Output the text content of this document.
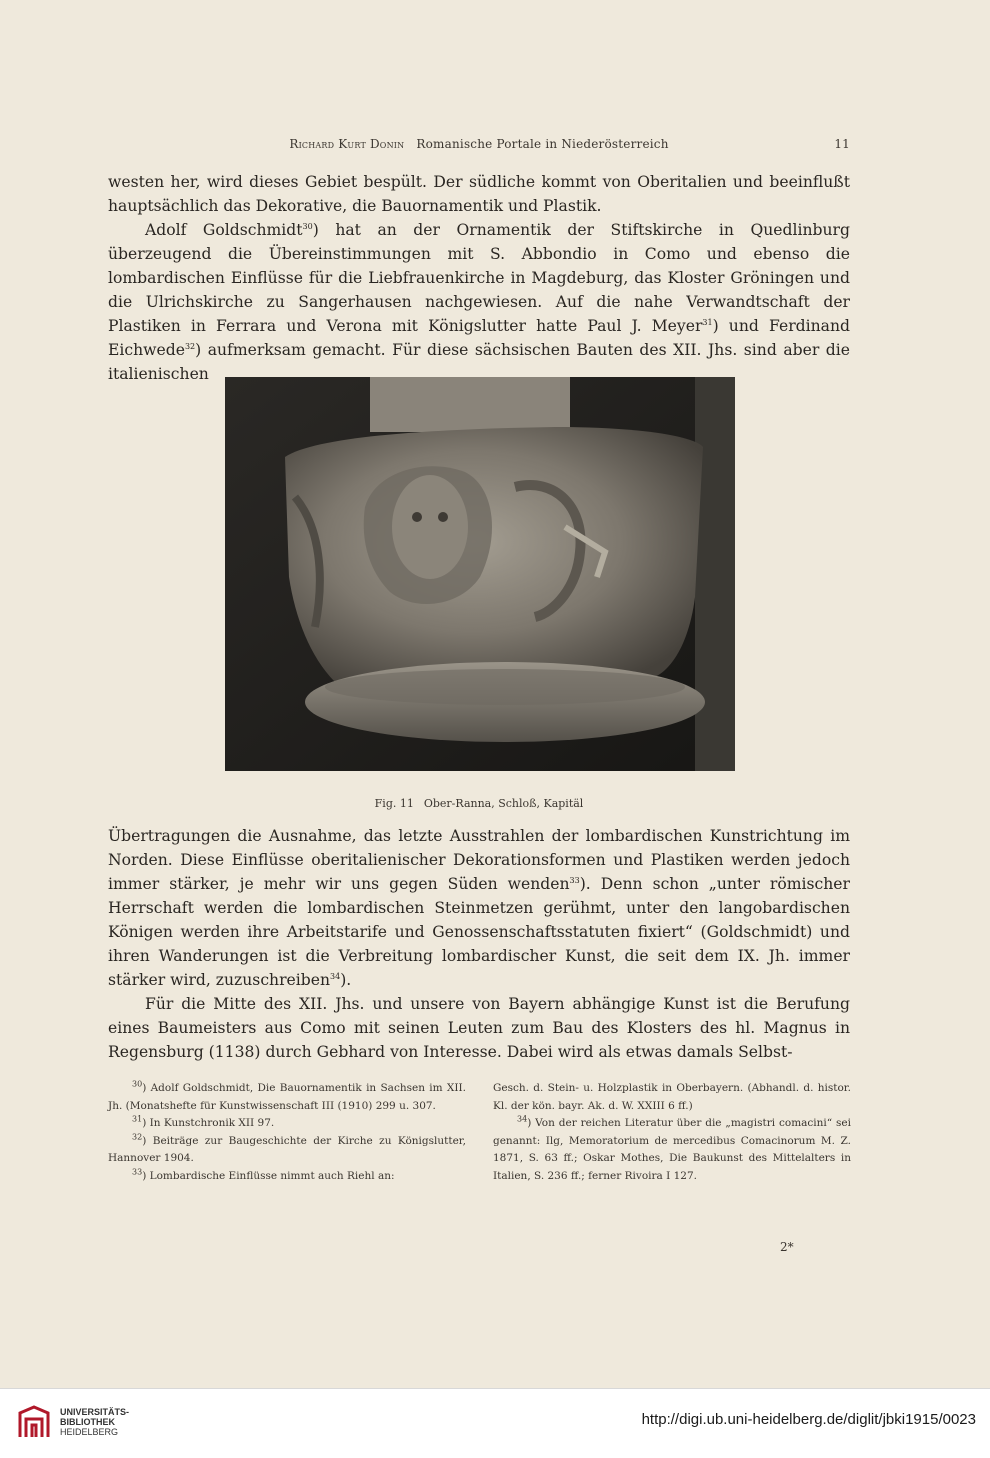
Richard Kurt Donin Romanische Portale in Niederösterreich	11

westen her, wird dieses Gebiet bespült. Der südliche kommt von Oberitalien und beeinflußt hauptsächlich das Dekorative, die Bauornamentik und Plastik.

Adolf Goldschmidt$^{30}$) hat an der Ornamentik der Stiftskirche in Quedlinburg überzeugend die Übereinstimmungen mit S. Abbondio in Como und ebenso die lombardischen Einflüsse für die Liebfrauenkirche in Magdeburg, das Kloster Gröningen und die Ulrichskirche zu Sangerhausen nachgewiesen. Auf die nahe Verwandtschaft der Plastiken in Ferrara und Verona mit Königslutter hatte Paul J. Meyer$^{31}$) und Ferdinand Eichwede$^{32}$) aufmerksam gemacht. Für diese sächsischen Bauten des XII. Jhs. sind aber die italienischen

Fig. 11 Ober-Ranna, Schloß, Kapitäl

Übertragungen die Ausnahme, das letzte Ausstrahlen der lombardischen Kunstrichtung im Norden. Diese Einflüsse oberitalienischer Dekorationsformen und Plastiken werden jedoch immer stärker, je mehr wir uns gegen Süden wenden$^{33}$). Denn schon „unter römischer Herrschaft werden die lombardischen Steinmetzen gerühmt, unter den langobardischen Königen werden ihre Arbeitstarife und Genossenschaftsstatuten fixiert“ (Goldschmidt) und ihren Wanderungen ist die Verbreitung lombardischer Kunst, die seit dem IX. Jh. immer stärker wird, zuzuschreiben$^{34}$).

Für die Mitte des XII. Jhs. und unsere von Bayern abhängige Kunst ist die Berufung eines Baumeisters aus Como mit seinen Leuten zum Bau des Klosters des hl. Magnus in Regensburg (1138) durch Gebhard von Interesse. Dabei wird als etwas damals Selbst-

$^{30}$) Adolf Goldschmidt, Die Bauornamentik in Sachsen im XII. Jh. (Monatshefte für Kunstwissenschaft III (1910) 299 u. 307.

$^{31}$) In Kunstchronik XII 97.

$^{32}$) Beiträge zur Baugeschichte der Kirche zu Königslutter, Hannover 1904.

$^{33}$) Lombardische Einflüsse nimmt auch Riehl an:

Gesch. d. Stein- u. Holzplastik in Oberbayern. (Abhandl. d. histor. Kl. der kön. bayr. Ak. d. W. XXIII 6 ff.)

$^{34}$) Von der reichen Literatur über die „magistri comacini“ sei genannt: Ilg, Memoratorium de mercedibus Comacinorum M. Z. 1871, S. 63 ff.; Oskar Mothes, Die Baukunst des Mittelalters in Italien, S. 236 ff.; ferner Rivoira I 127.

2*
UNIVERSITÄTS-
BIBLIOTHEK
HEIDELBERG
http://digi.ub.uni-heidelberg.de/diglit/jbki1915/0023
